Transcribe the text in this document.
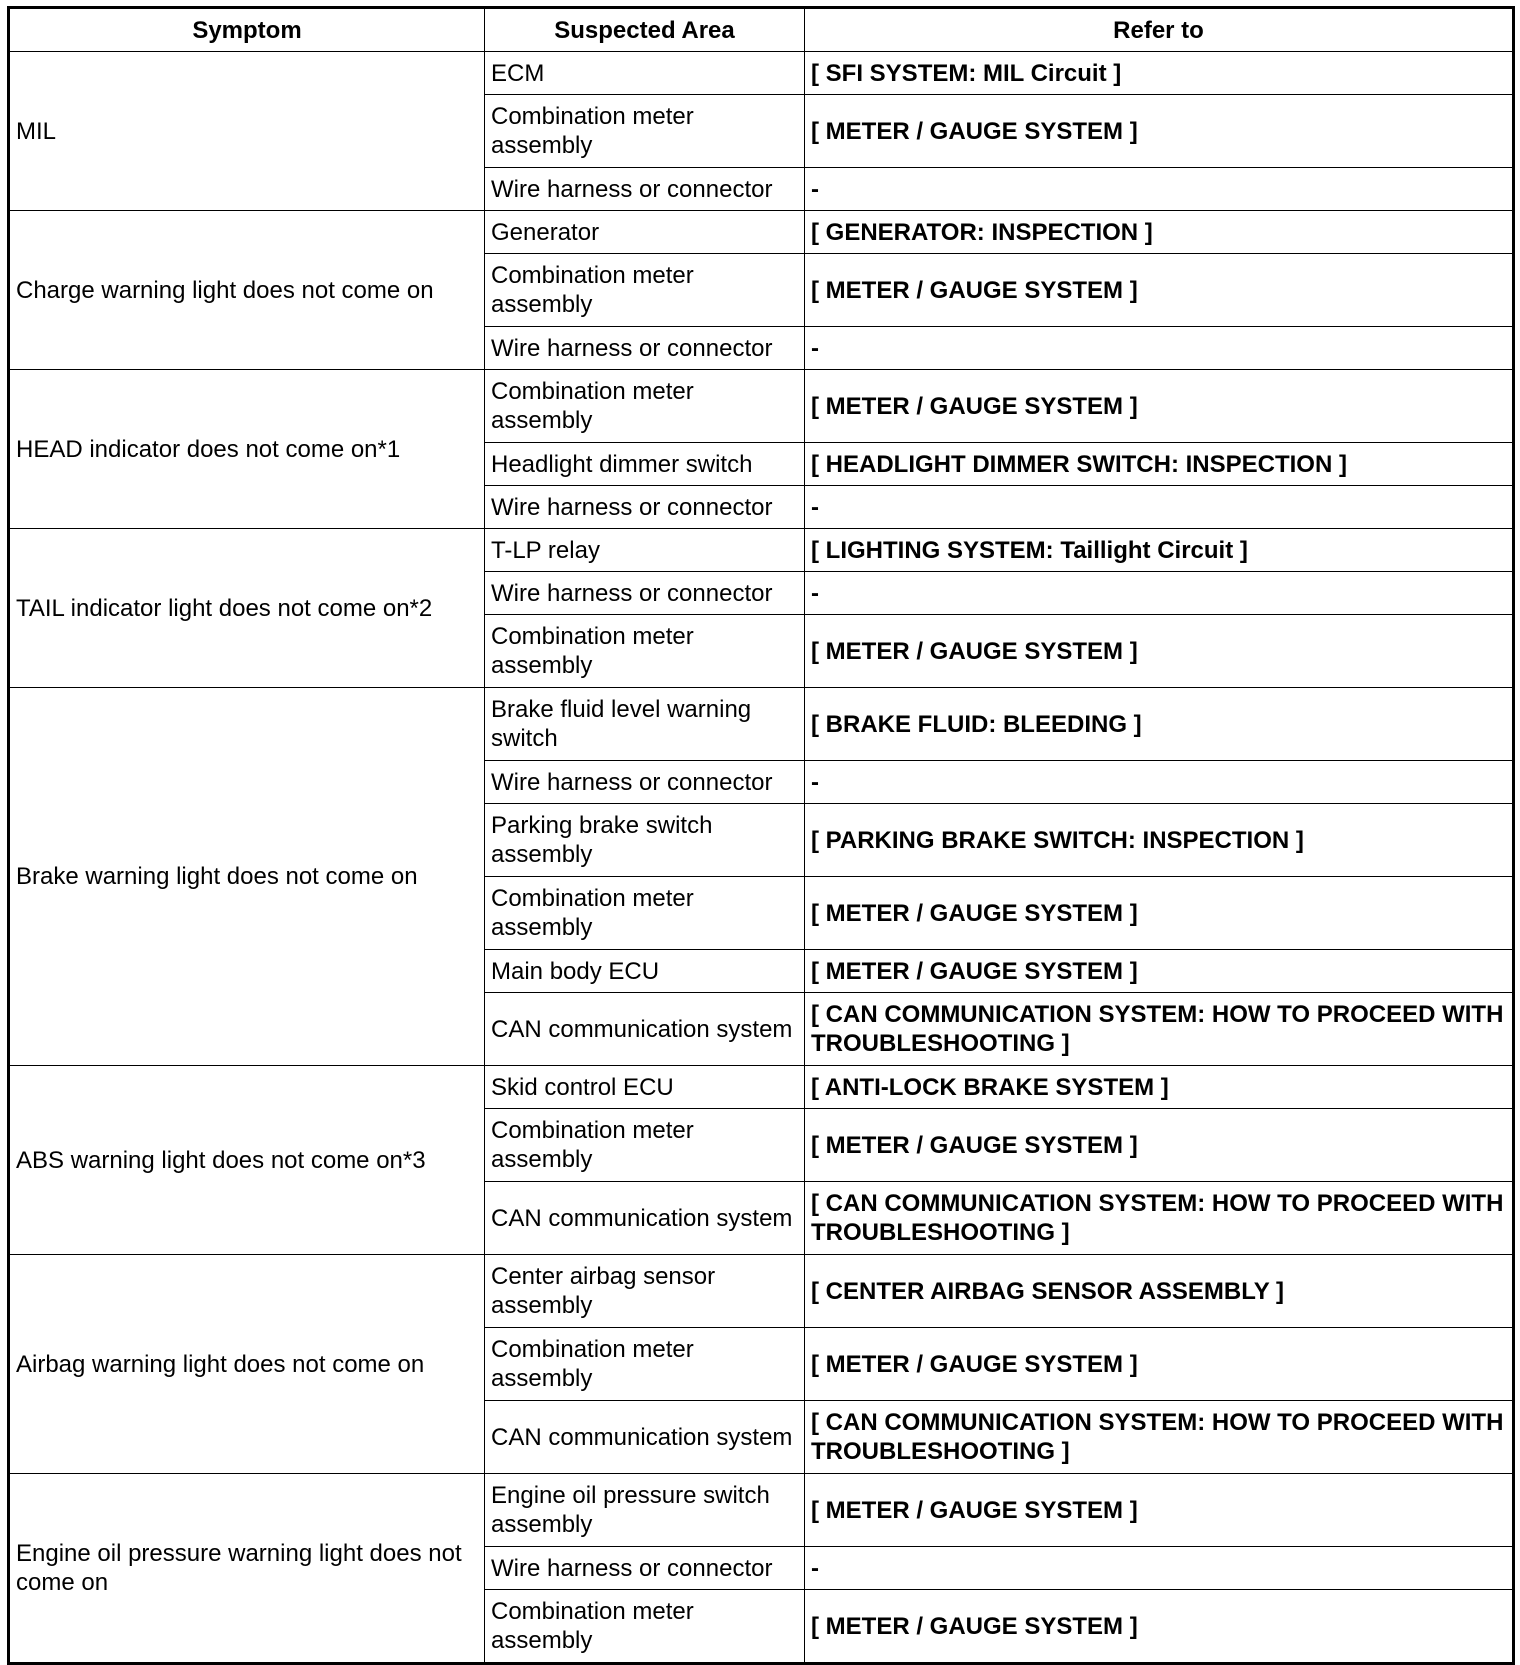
Symptom	Suspected Area	Refer to
MIL	ECM	[ SFI SYSTEM: MIL Circuit ]
	Combination meter assembly	[ METER / GAUGE SYSTEM ]
	Wire harness or connector	-
Charge warning light does not come on	Generator	[ GENERATOR: INSPECTION ]
	Combination meter assembly	[ METER / GAUGE SYSTEM ]
	Wire harness or connector	-
HEAD indicator does not come on*1	Combination meter assembly	[ METER / GAUGE SYSTEM ]
	Headlight dimmer switch	[ HEADLIGHT DIMMER SWITCH: INSPECTION ]
	Wire harness or connector	-
TAIL indicator light does not come on*2	T-LP relay	[ LIGHTING SYSTEM: Taillight Circuit ]
	Wire harness or connector	-
	Combination meter assembly	[ METER / GAUGE SYSTEM ]
Brake warning light does not come on	Brake fluid level warning switch	[ BRAKE FLUID: BLEEDING ]
	Wire harness or connector	-
	Parking brake switch assembly	[ PARKING BRAKE SWITCH: INSPECTION ]
	Combination meter assembly	[ METER / GAUGE SYSTEM ]
	Main body ECU	[ METER / GAUGE SYSTEM ]
	CAN communication system	[ CAN COMMUNICATION SYSTEM: HOW TO PROCEED WITH TROUBLESHOOTING ]
ABS warning light does not come on*3	Skid control ECU	[ ANTI-LOCK BRAKE SYSTEM ]
	Combination meter assembly	[ METER / GAUGE SYSTEM ]
	CAN communication system	[ CAN COMMUNICATION SYSTEM: HOW TO PROCEED WITH TROUBLESHOOTING ]
Airbag warning light does not come on	Center airbag sensor assembly	[ CENTER AIRBAG SENSOR ASSEMBLY ]
	Combination meter assembly	[ METER / GAUGE SYSTEM ]
	CAN communication system	[ CAN COMMUNICATION SYSTEM: HOW TO PROCEED WITH TROUBLESHOOTING ]
Engine oil pressure warning light does not come on	Engine oil pressure switch assembly	[ METER / GAUGE SYSTEM ]
	Wire harness or connector	-
	Combination meter assembly	[ METER / GAUGE SYSTEM ]
